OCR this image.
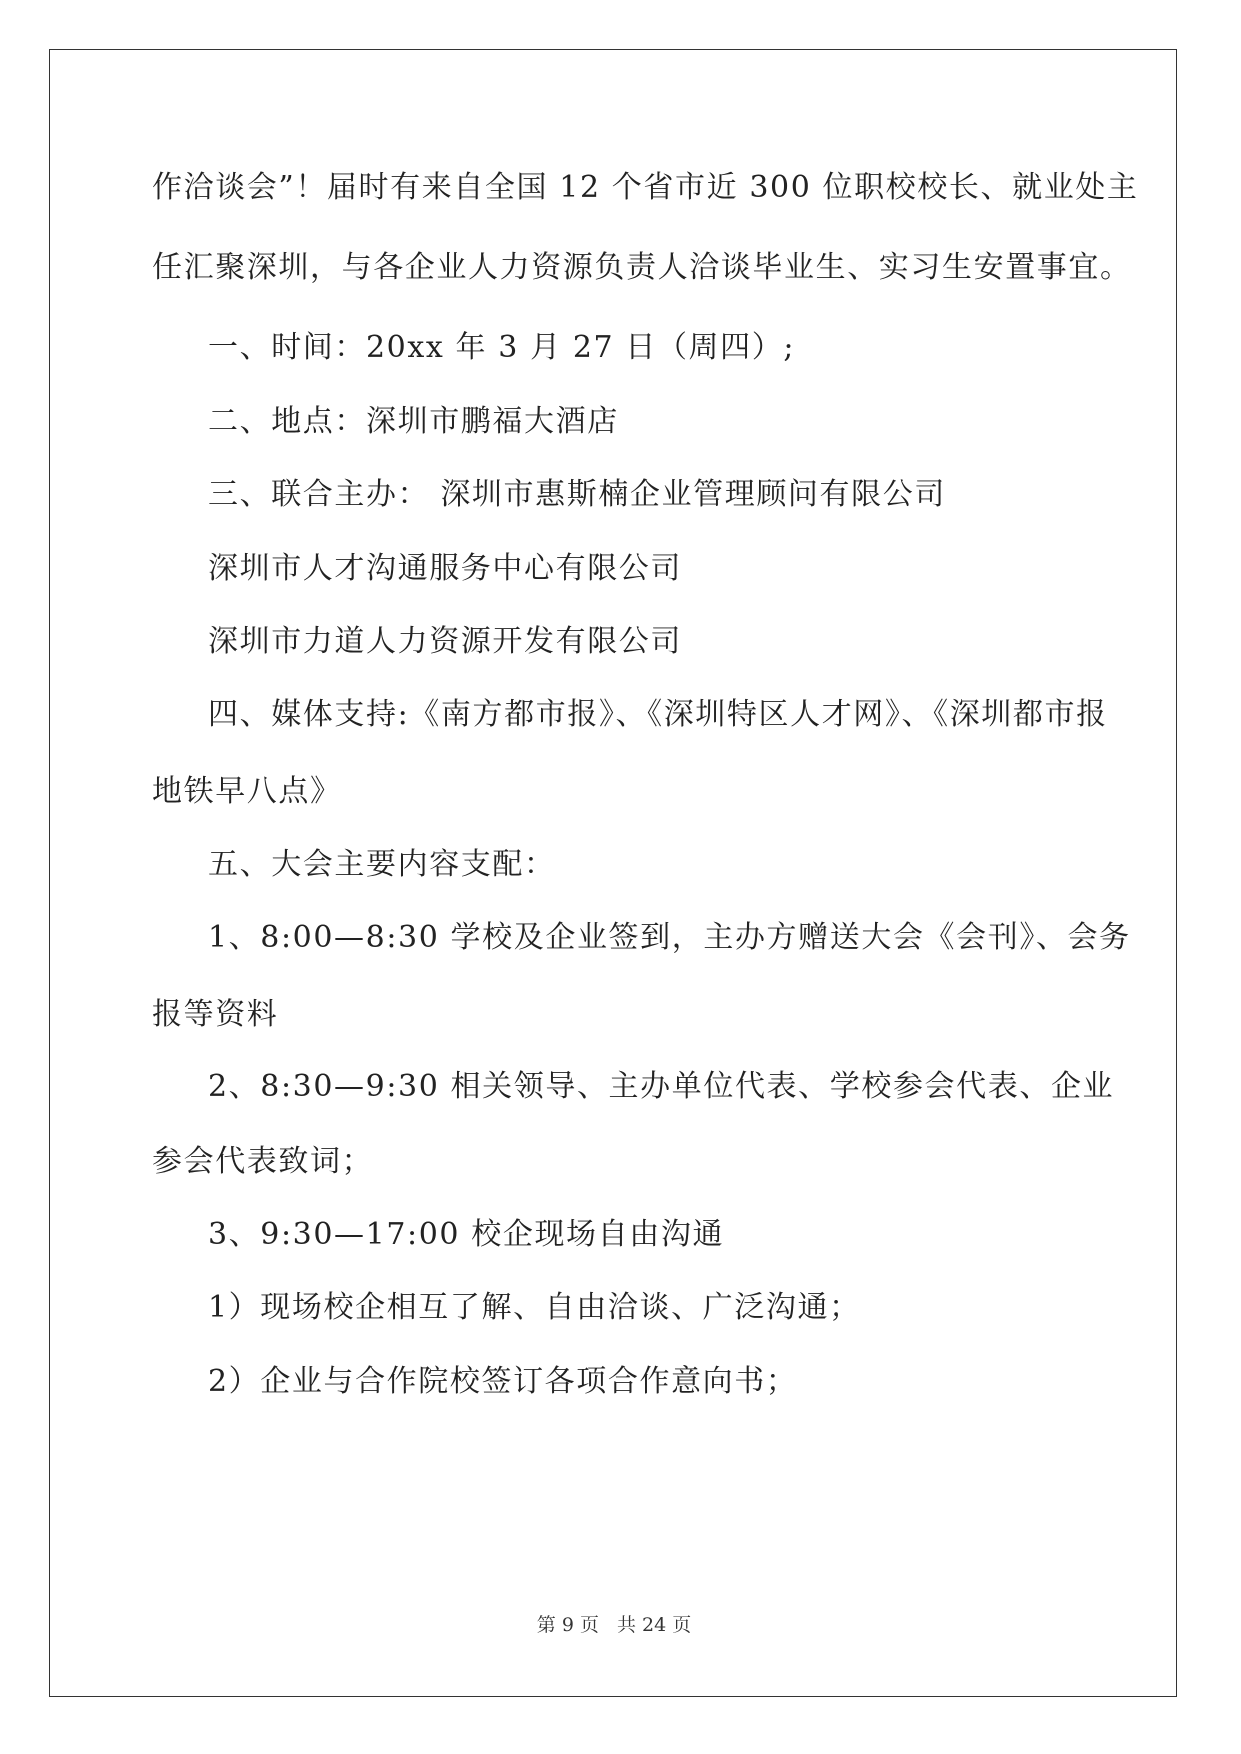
作洽谈会”！届时有来自全国 12 个省市近 300 位职校校长、就业处主
任汇聚深圳，与各企业人力资源负责人洽谈毕业生、实习生安置事宜。
一、时间：20xx 年 3 月 27 日（周四）;
二、地点：深圳市鹏福大酒店
三、联合主办： 深圳市惠斯楠企业管理顾问有限公司
深圳市人才沟通服务中心有限公司
深圳市力道人力资源开发有限公司
四、媒体支持:《南方都市报》、《深圳特区人才网》、《深圳都市报
地铁早八点》
五、大会主要内容支配：
1、8:00—8:30 学校及企业签到，主办方赠送大会《会刊》、会务
报等资料
2、8:30—9:30 相关领导、主办单位代表、学校参会代表、企业
参会代表致词；
3、9:30—17:00 校企现场自由沟通
1）现场校企相互了解、自由洽谈、广泛沟通；
2）企业与合作院校签订各项合作意向书；
第 9 页 共 24 页
